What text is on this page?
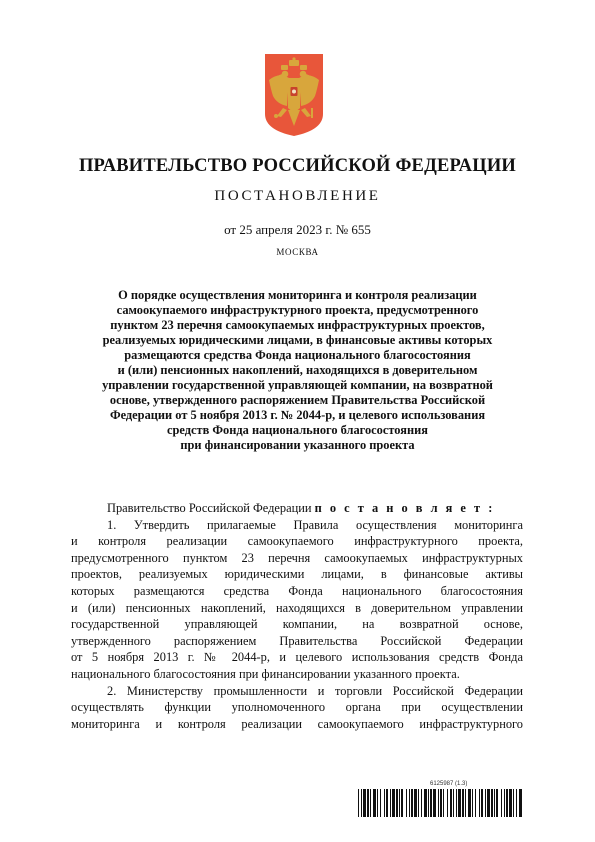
ПРАВИТЕЛЬСТВО РОССИЙСКОЙ ФЕДЕРАЦИИ
ПОСТАНОВЛЕНИЕ
от 25 апреля 2023 г. № 655
МОСКВА
О порядке осуществления мониторинга и контроля реализации
самоокупаемого инфраструктурного проекта, предусмотренного
пунктом 23 перечня самоокупаемых инфраструктурных проектов,
реализуемых юридическими лицами, в финансовые активы которых
размещаются средства Фонда национального благосостояния
и (или) пенсионных накоплений, находящихся в доверительном
управлении государственной управляющей компании, на возвратной
основе, утвержденного распоряжением Правительства Российской
Федерации от 5 ноября 2013 г. № 2044-р, и целевого использования
средств Фонда национального благосостояния
при финансировании указанного проекта
Правительство Российской Федерации п о с т а н о в л я е т :
1. Утвердить прилагаемые Правила осуществления мониторинга
и контроля реализации самоокупаемого инфраструктурного проекта,
предусмотренного пунктом 23 перечня самоокупаемых инфраструктурных
проектов, реализуемых юридическими лицами, в финансовые активы
которых размещаются средства Фонда национального благосостояния
и (или) пенсионных накоплений, находящихся в доверительном управлении
государственной управляющей компании, на возвратной основе,
утвержденного распоряжением Правительства Российской Федерации
от 5 ноября 2013 г. № 2044-р, и целевого использования средств Фонда
национального благосостояния при финансировании указанного проекта.
2. Министерству промышленности и торговли Российской Федерации
осуществлять функции уполномоченного органа при осуществлении
мониторинга и контроля реализации самоокупаемого инфраструктурного
6125987 (1.3)
